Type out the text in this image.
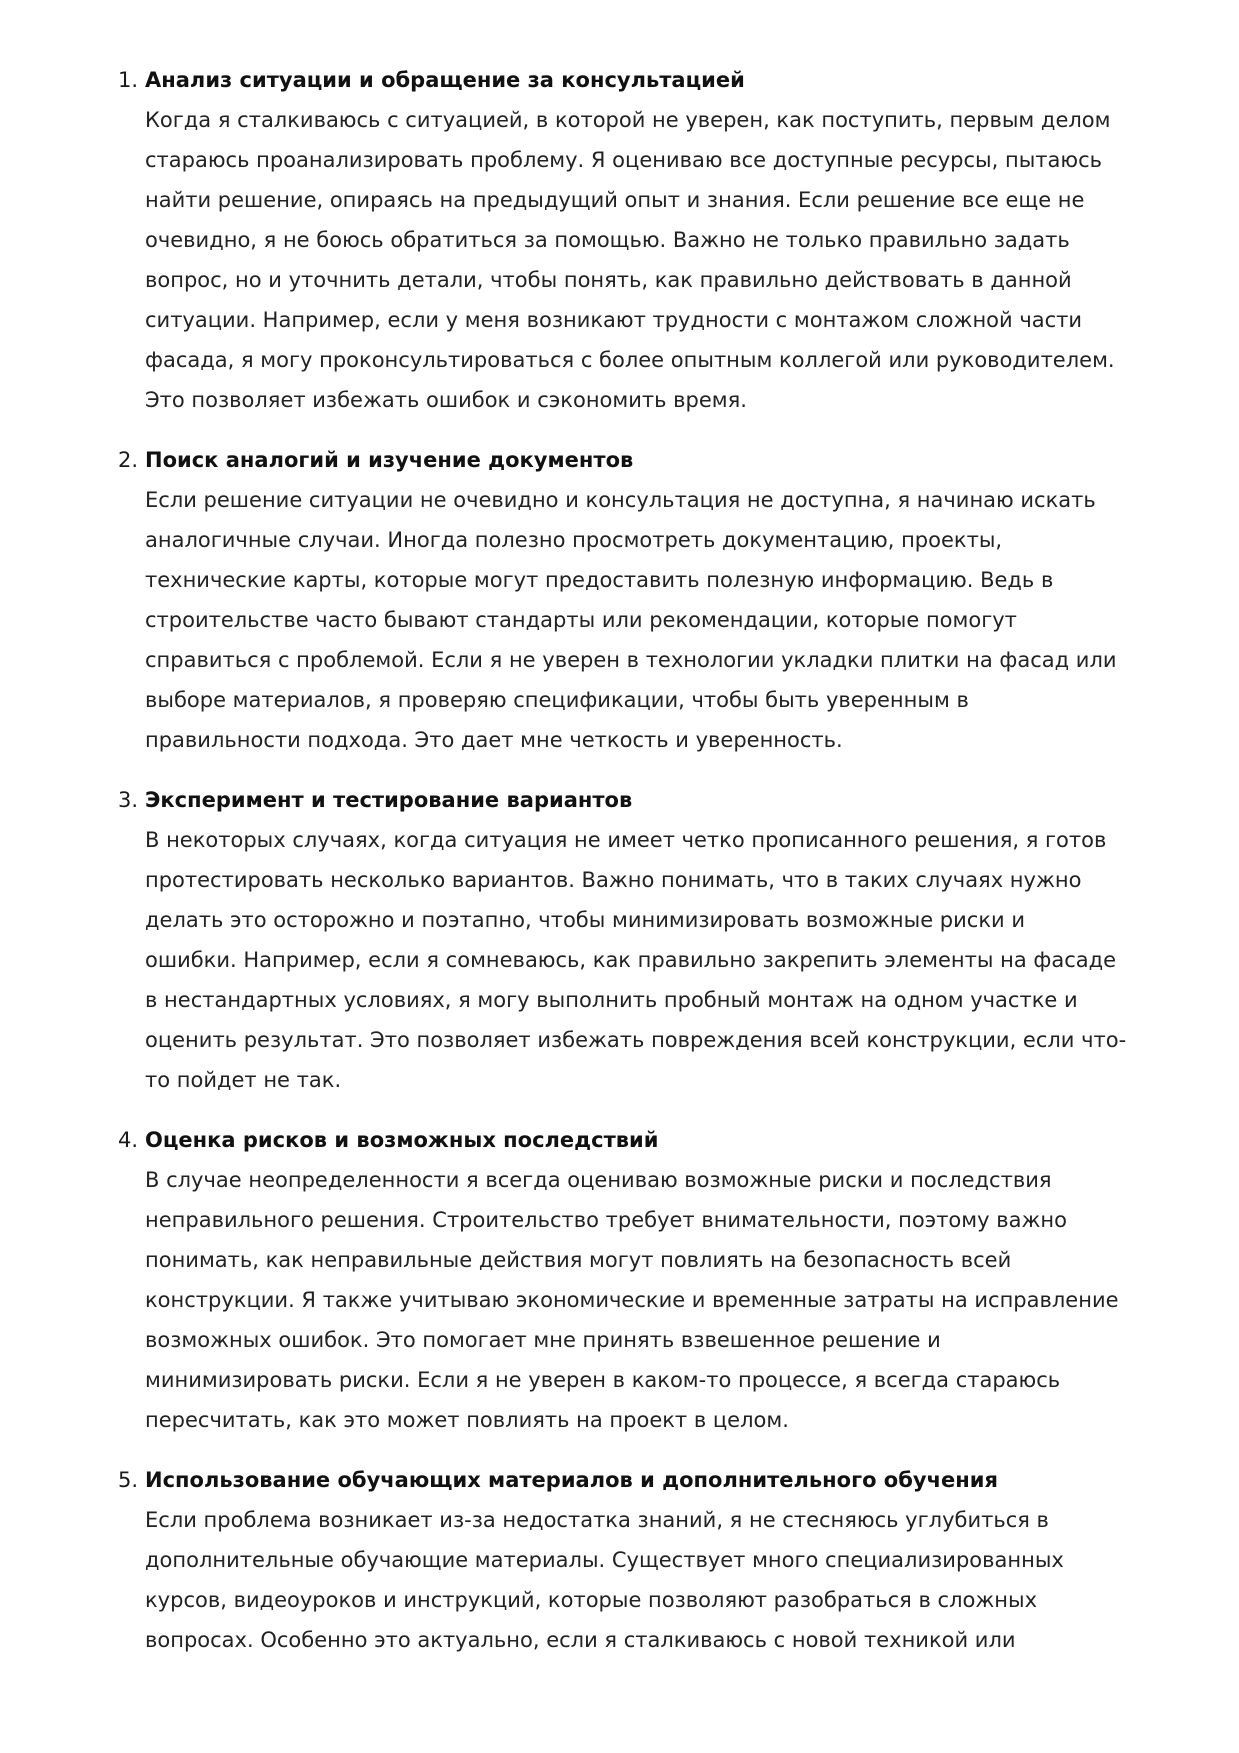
1. Анализ ситуации и обращение за консультацией
Когда я сталкиваюсь с ситуацией, в которой не уверен, как поступить, первым делом
стараюсь проанализировать проблему. Я оцениваю все доступные ресурсы, пытаюсь
найти решение, опираясь на предыдущий опыт и знания. Если решение все еще не
очевидно, я не боюсь обратиться за помощью. Важно не только правильно задать
вопрос, но и уточнить детали, чтобы понять, как правильно действовать в данной
ситуации. Например, если у меня возникают трудности с монтажом сложной части
фасада, я могу проконсультироваться с более опытным коллегой или руководителем.
Это позволяет избежать ошибок и сэкономить время.
2. Поиск аналогий и изучение документов
Если решение ситуации не очевидно и консультация не доступна, я начинаю искать
аналогичные случаи. Иногда полезно просмотреть документацию, проекты,
технические карты, которые могут предоставить полезную информацию. Ведь в
строительстве часто бывают стандарты или рекомендации, которые помогут
справиться с проблемой. Если я не уверен в технологии укладки плитки на фасад или
выборе материалов, я проверяю спецификации, чтобы быть уверенным в
правильности подхода. Это дает мне четкость и уверенность.
3. Эксперимент и тестирование вариантов
В некоторых случаях, когда ситуация не имеет четко прописанного решения, я готов
протестировать несколько вариантов. Важно понимать, что в таких случаях нужно
делать это осторожно и поэтапно, чтобы минимизировать возможные риски и
ошибки. Например, если я сомневаюсь, как правильно закрепить элементы на фасаде
в нестандартных условиях, я могу выполнить пробный монтаж на одном участке и
оценить результат. Это позволяет избежать повреждения всей конструкции, если что-
то пойдет не так.
4. Оценка рисков и возможных последствий
В случае неопределенности я всегда оцениваю возможные риски и последствия
неправильного решения. Строительство требует внимательности, поэтому важно
понимать, как неправильные действия могут повлиять на безопасность всей
конструкции. Я также учитываю экономические и временные затраты на исправление
возможных ошибок. Это помогает мне принять взвешенное решение и
минимизировать риски. Если я не уверен в каком-то процессе, я всегда стараюсь
пересчитать, как это может повлиять на проект в целом.
5. Использование обучающих материалов и дополнительного обучения
Если проблема возникает из-за недостатка знаний, я не стесняюсь углубиться в
дополнительные обучающие материалы. Существует много специализированных
курсов, видеоуроков и инструкций, которые позволяют разобраться в сложных
вопросах. Особенно это актуально, если я сталкиваюсь с новой техникой или
